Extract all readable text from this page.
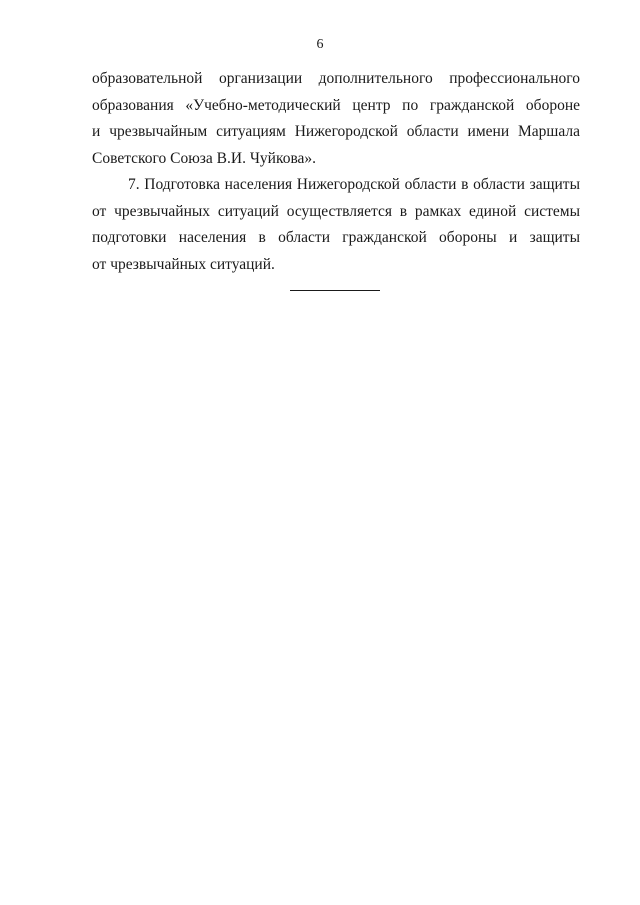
6
образовательной организации дополнительного профессионального
образования «Учебно-методический центр по гражданской обороне
и чрезвычайным ситуациям Нижегородской области имени Маршала
Советского Союза В.И. Чуйкова».
7. Подготовка населения Нижегородской области в области защиты
от чрезвычайных ситуаций осуществляется в рамках единой системы
подготовки населения в области гражданской обороны и защиты
от чрезвычайных ситуаций.
